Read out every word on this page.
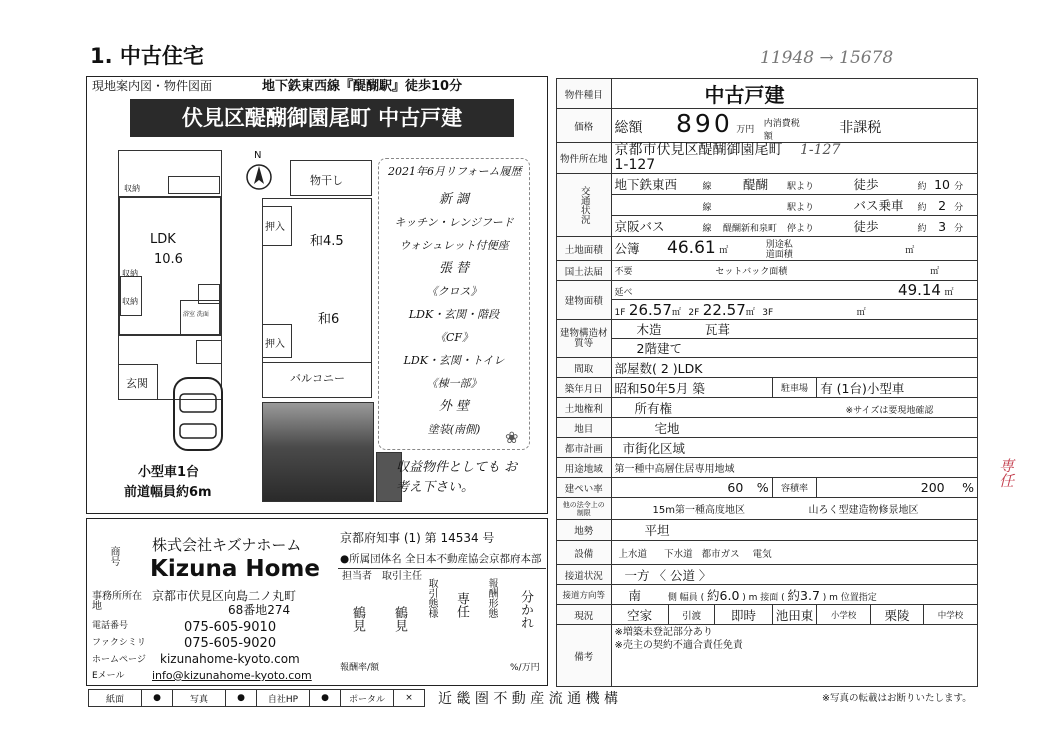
1. 中古住宅	11948 → 15678
現地案内図・物件図面	地下鉄東西線『醍醐駅』徒歩10分
伏見区醍醐御園尾町 中古戸建
LDK
10.6
収納
収納
収納
浴室 洗面
玄関
N
物干し
押入
和4.5
押入
和6
バルコニー
2021年6月リフォーム履歴
新 調
キッチン・レンジフード
ウォシュレット付便座
張 替
《クロス》
LDK・玄関・階段
《CF》
LDK・玄関・トイレ
《棟一部》
外 壁
塗装(南側)	❀
小型車1台
前道幅員約6m
収益物件としても お考え下さい。
商号
株式会社キズナホーム
Kizuna Home
京都府知事 (1) 第 14534 号
●所属団体名 全日本不動産協会京都府本部
事務所所在地
京都市伏見区向島二ノ丸町
68番地274
電話番号	075-605-9010
ファクシミリ	075-605-9020
ホームページ kizunahome-kyoto.com
Eメール info@kizunahome-kyoto.com
担当者
鶴見
取引主任
鶴見
取引態様 専任 報酬形態 分かれ
報酬率/額	%/万円
物件種目	中古戸建						
価格	総額 890 万円 内消費税額 非課税						
物件所在地	京都市伏見区醍醐御園尾町 1-127
1-127						
交通状況	地下鉄東西 線 醍醐 駅より 徒歩 約 10 分						
	線 駅より バス乗車 約 2 分						
	京阪バス 線 醍醐新和泉町 停より 徒歩 約 3 分						
土地面積	公簿 46.61 ㎡ 別途私道面積 ㎡						
国土法届	不要 セットバック面積 ㎡						
建物面積	延べ 49.14 ㎡						
	1F 26.57㎡ 2F 22.57㎡ 3F ㎡						
建物構造材質等	木造 瓦葺						
	2階建て						
間取	部屋数( 2 )LDK						
築年月日	昭和50年5月 築			駐車場	有 (1台)小型車		
土地権利	所有権 ※サイズは要現地確認						
地目	宅地						
都市計画	市街化区域						
用途地域	第一種中高層住居専用地域						
建ぺい率	60 %			容積率	200 %		
他の法令上の制限	15m第一種高度地区 山ろく型建造物修景地区						
地勢	平坦						
設備	上水道 下水道 都市ガス 電気						
接道状況	一方 〈 公道 〉						
接道方向等	南 側 幅員 ( 約6.0 ) m 接面 ( 約3.7 ) m 位置指定						
現況	空家	引渡	即時	池田東	小学校	栗陵	中学校
備考	※増築未登記部分あり
※売主の契約不適合責任免責						
専任
紙面	●	写真	●	自社HP	●	ポータル	× 近 畿 圏 不 動 産 流 通 機 構	※写真の転載はお断りいたします。
